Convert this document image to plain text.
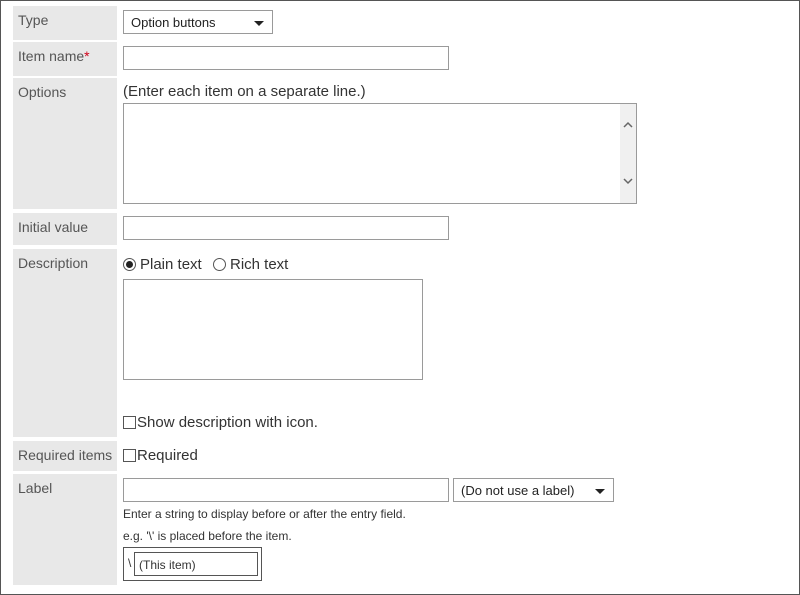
Type	Option buttons
Item name*
Options	(Enter each item on a separate line.)
Initial value
Description	Plain text Rich text
Show description with icon.
Required items	Required
Label	(Do not use a label)
Enter a string to display before or after the entry field.
e.g. '\' is placed before the item.
\ (This item)
